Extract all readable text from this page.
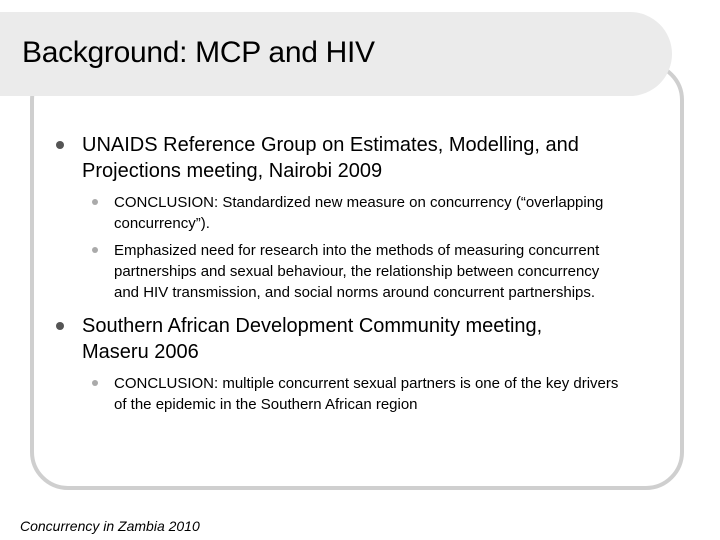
Background: MCP and HIV
UNAIDS Reference Group on Estimates, Modelling, and
Projections meeting, Nairobi 2009
CONCLUSION: Standardized new measure on concurrency (“overlapping
concurrency”).
Emphasized need for research into the methods of measuring concurrent
partnerships and sexual behaviour, the relationship between concurrency
and HIV transmission, and social norms around concurrent partnerships.
Southern African Development Community meeting,
Maseru 2006
CONCLUSION: multiple concurrent sexual partners is one of the key drivers
of the epidemic in the Southern African region
Concurrency in Zambia 2010
